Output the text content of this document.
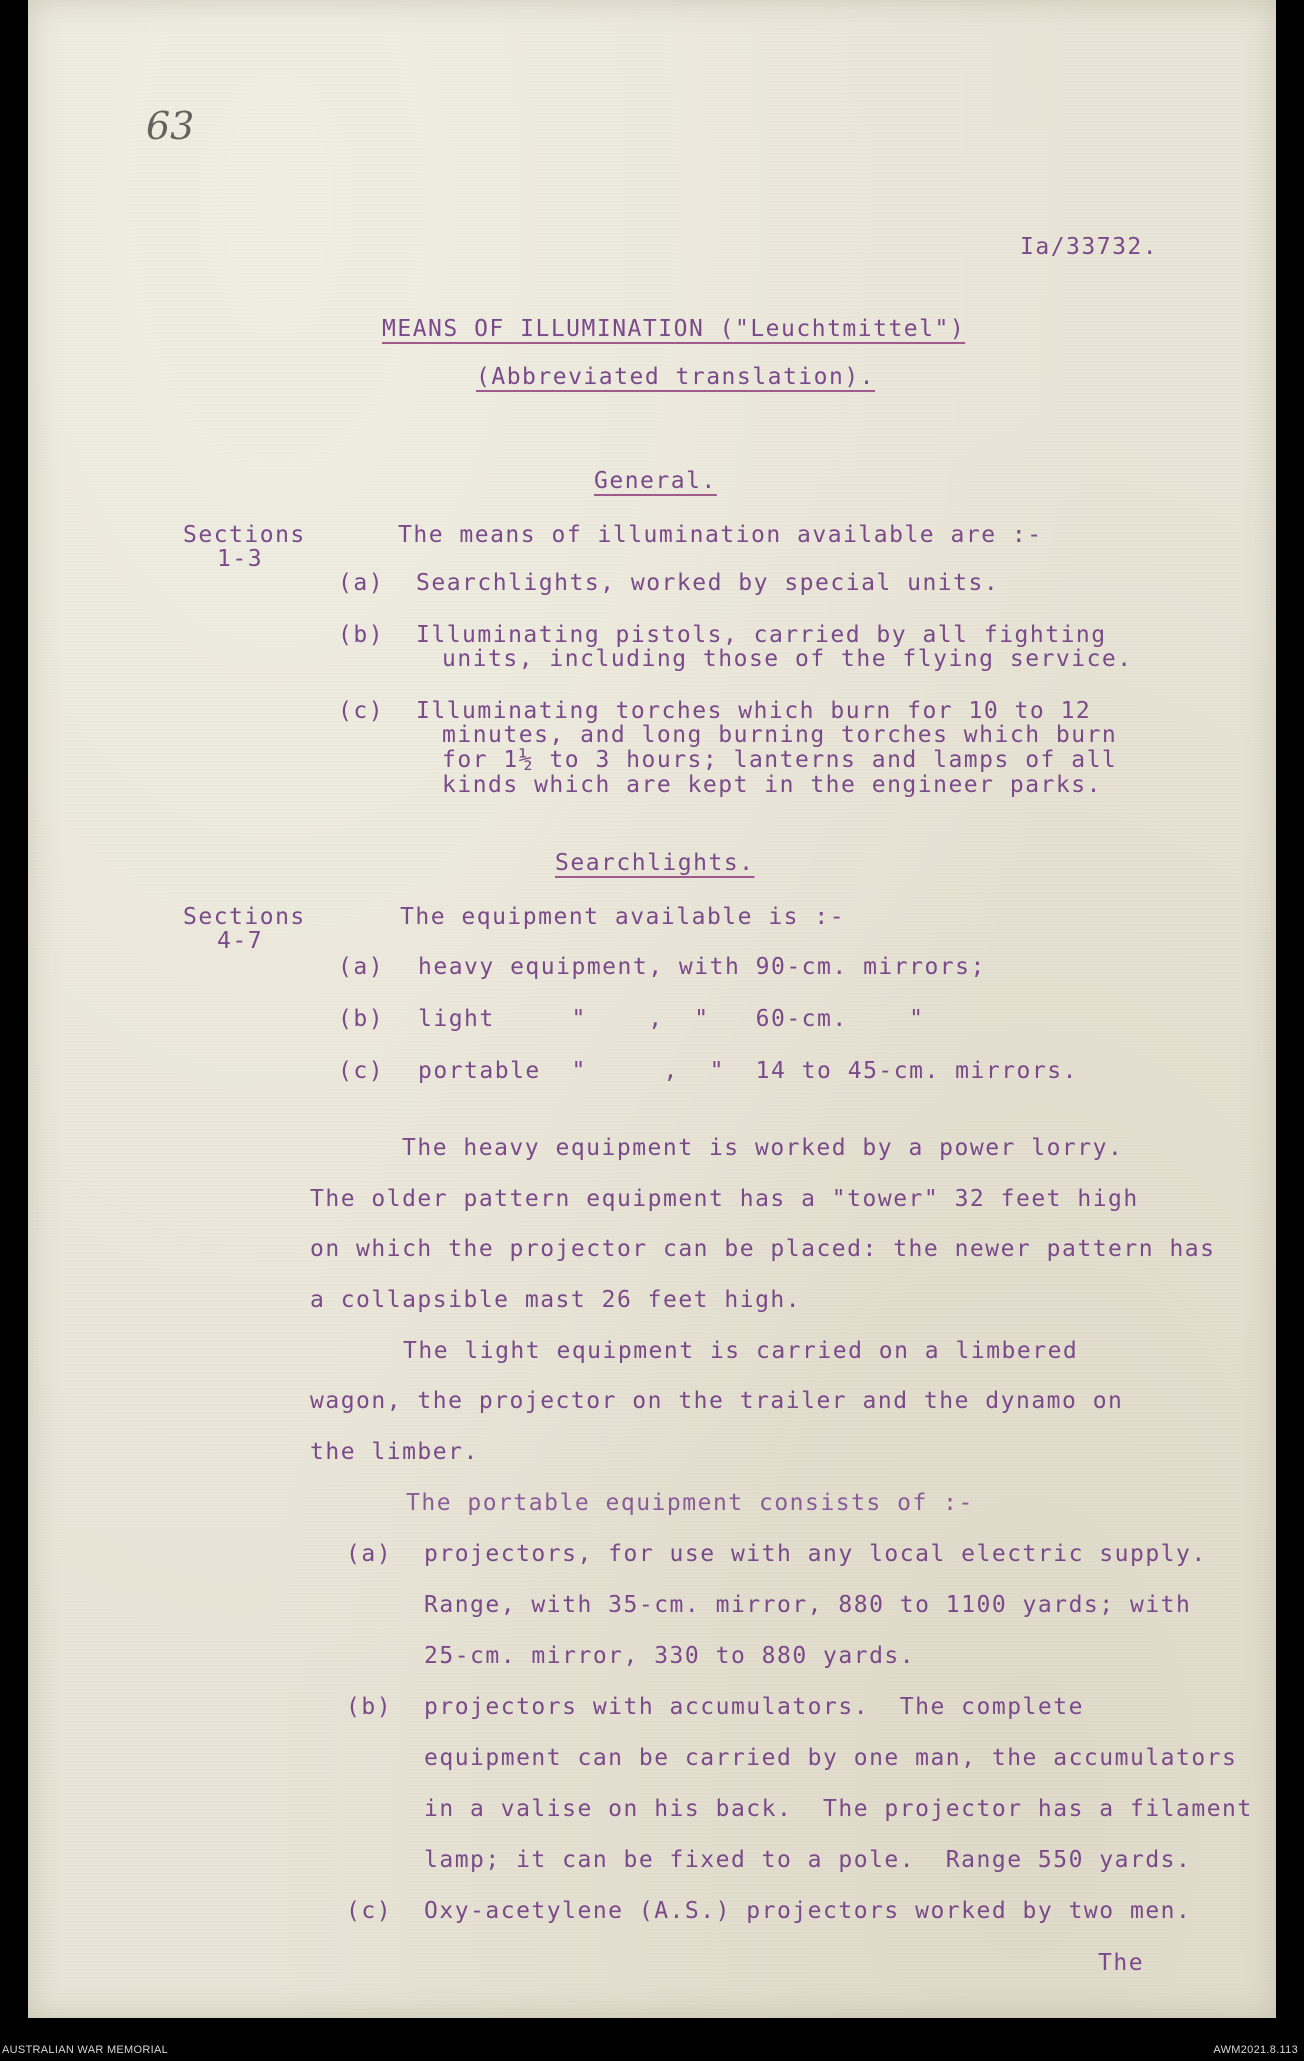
63
Ia/33732.
MEANS OF ILLUMINATION ("Leuchtmittel")
(Abbreviated translation).
General.
Sections
1-3
The means of illumination available are :-
(a) Searchlights, worked by special units.
(b) Illuminating pistols, carried by all fighting
units, including those of the flying service.
(c) Illuminating torches which burn for 10 to 12
minutes, and long burning torches which burn
for 1½ to 3 hours; lanterns and lamps of all
kinds which are kept in the engineer parks.
Searchlights.
Sections
4-7
The equipment available is :-
(a) heavy equipment, with 90-cm. mirrors;
(b) light     "    ,  "   60-cm.    "
(c) portable  "     ,  "  14 to 45-cm. mirrors.
The heavy equipment is worked by a power lorry.
The older pattern equipment has a "tower" 32 feet high
on which the projector can be placed: the newer pattern has
a collapsible mast 26 feet high.
The light equipment is carried on a limbered
wagon, the projector on the trailer and the dynamo on
the limber.
The portable equipment consists of :-
(a) projectors, for use with any local electric supply.
Range, with 35-cm. mirror, 880 to 1100 yards; with
25-cm. mirror, 330 to 880 yards.
(b) projectors with accumulators.  The complete
equipment can be carried by one man, the accumulators
in a valise on his back.  The projector has a filament
lamp; it can be fixed to a pole.  Range 550 yards.
(c) Oxy-acetylene (A.S.) projectors worked by two men.
The
AUSTRALIAN WAR MEMORIAL	AWM2021.8.113
